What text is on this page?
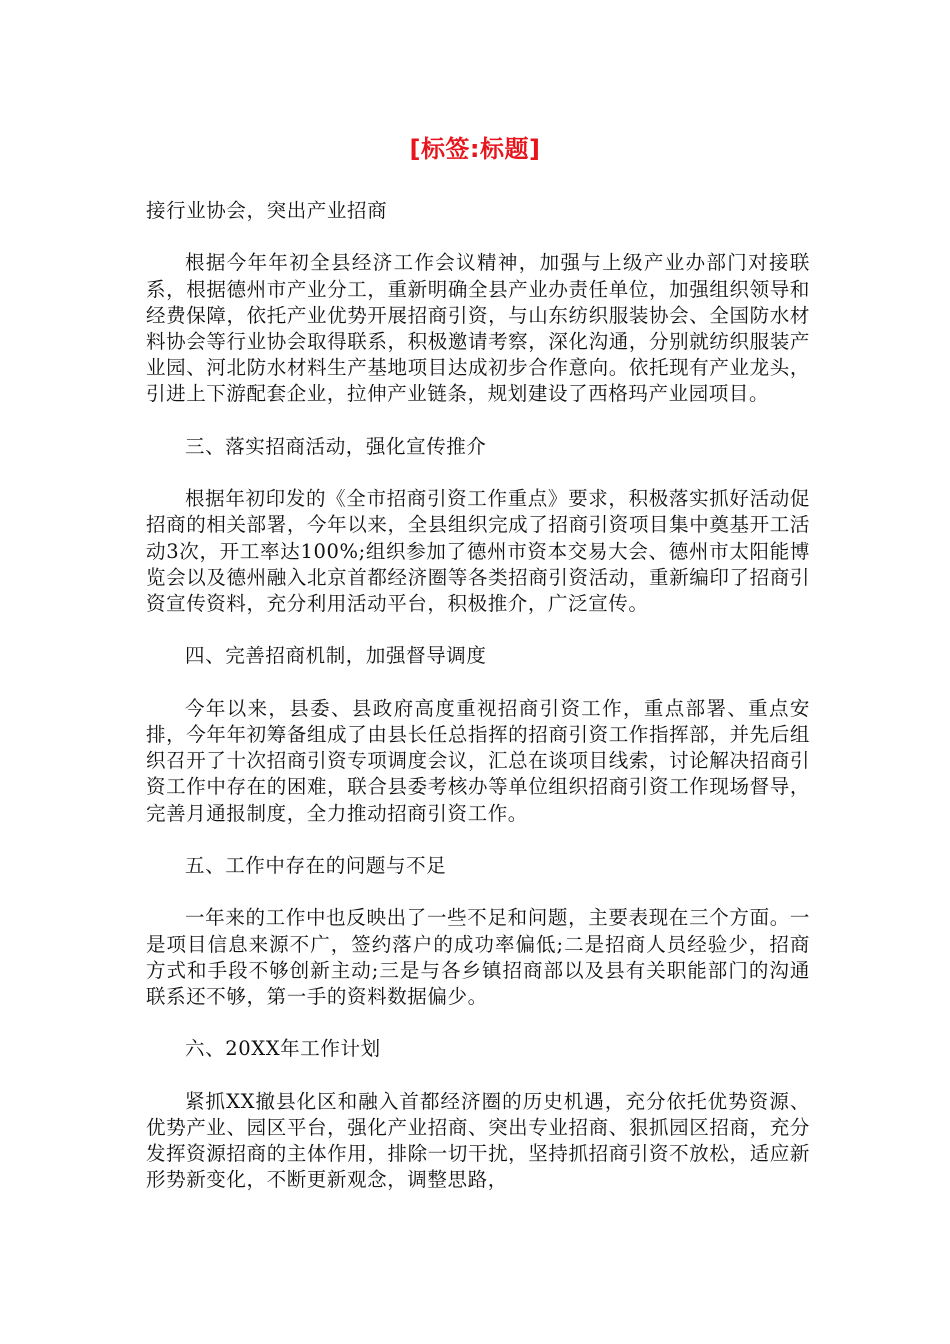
[标签:标题]

接行业协会，突出产业招商

根据今年年初全县经济工作会议精神，加强与上级产业办部门对接联系，根据德州市产业分工，重新明确全县产业办责任单位，加强组织领导和经费保障，依托产业优势开展招商引资，与山东纺织服装协会、全国防水材料协会等行业协会取得联系，积极邀请考察，深化沟通，分别就纺织服装产业园、河北防水材料生产基地项目达成初步合作意向。依托现有产业龙头，引进上下游配套企业，拉伸产业链条，规划建设了西格玛产业园项目。

三、落实招商活动，强化宣传推介

根据年初印发的《全市招商引资工作重点》要求，积极落实抓好活动促招商的相关部署，今年以来，全县组织完成了招商引资项目集中奠基开工活动3次，开工率达100%;组织参加了德州市资本交易大会、德州市太阳能博览会以及德州融入北京首都经济圈等各类招商引资活动，重新编印了招商引资宣传资料，充分利用活动平台，积极推介，广泛宣传。

四、完善招商机制，加强督导调度

今年以来，县委、县政府高度重视招商引资工作，重点部署、重点安排，今年年初筹备组成了由县长任总指挥的招商引资工作指挥部，并先后组织召开了十次招商引资专项调度会议，汇总在谈项目线索，讨论解决招商引资工作中存在的困难，联合县委考核办等单位组织招商引资工作现场督导，完善月通报制度，全力推动招商引资工作。

五、工作中存在的问题与不足

一年来的工作中也反映出了一些不足和问题，主要表现在三个方面。一是项目信息来源不广，签约落户的成功率偏低;二是招商人员经验少，招商方式和手段不够创新主动;三是与各乡镇招商部以及县有关职能部门的沟通联系还不够，第一手的资料数据偏少。

六、20XX年工作计划

紧抓XX撤县化区和融入首都经济圈的历史机遇，充分依托优势资源、优势产业、园区平台，强化产业招商、突出专业招商、狠抓园区招商，充分发挥资源招商的主体作用，排除一切干扰，坚持抓招商引资不放松，适应新形势新变化，不断更新观念，调整思路，
